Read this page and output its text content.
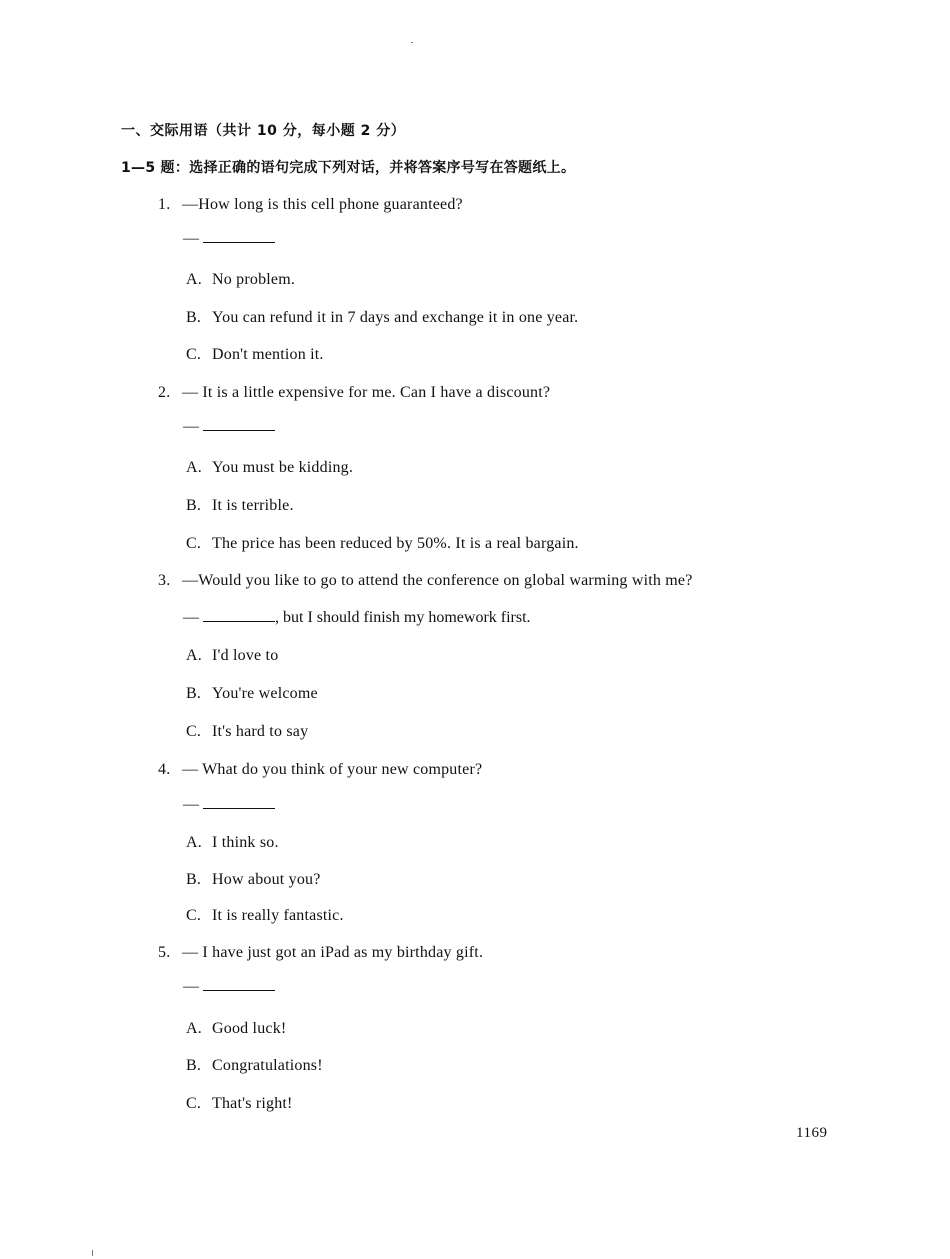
一、交际用语（共计 10 分，每小题 2 分）
1—5 题：选择正确的语句完成下列对话，并将答案序号写在答题纸上。
1. —How long is this cell phone guaranteed?
—
A. No problem.
B. You can refund it in 7 days and exchange it in one year.
C. Don't mention it.
2. — It is a little expensive for me. Can I have a discount?
—
A. You must be kidding.
B. It is terrible.
C. The price has been reduced by 50%. It is a real bargain.
3. —Would you like to go to attend the conference on global warming with me?
—	, but I should finish my homework first.
A. I'd love to
B. You're welcome
C. It's hard to say
4. — What do you think of your new computer?
—
A. I think so.
B. How about you?
C. It is really fantastic.
5. — I have just got an iPad as my birthday gift.
—
A. Good luck!
B. Congratulations!
C. That's right!
1169
